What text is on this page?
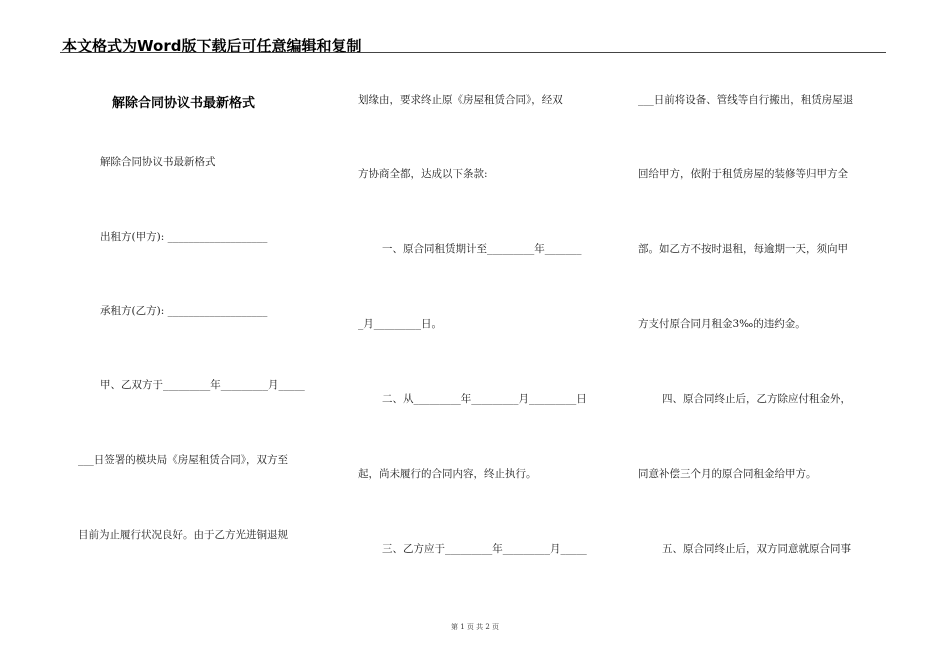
本文格式为Word版下载后可任意编辑和复制
解除合同协议书最新格式
解除合同协议书最新格式
出租方(甲方): ___________________
承租方(乙方): ___________________
甲、乙双方于_________年_________月_____
___日签署的模块局《房屋租赁合同》，双方至
目前为止履行状况良好。由于乙方光进铜退规
划缘由，要求终止原《房屋租赁合同》，经双
方协商全都，达成以下条款:
一、原合同租赁期计至_________年_______
_月_________日。
二、从_________年_________月_________日
起，尚未履行的合同内容，终止执行。
三、乙方应于_________年_________月_____
___日前将设备、管线等自行搬出，租赁房屋退
回给甲方，依附于租赁房屋的装修等归甲方全
部。如乙方不按时退租，每逾期一天，须向甲
方支付原合同月租金3‰的违约金。
四、原合同终止后，乙方除应付租金外，
同意补偿三个月的原合同租金给甲方。
五、原合同终止后，双方同意就原合同事
第 1 页 共 2 页
